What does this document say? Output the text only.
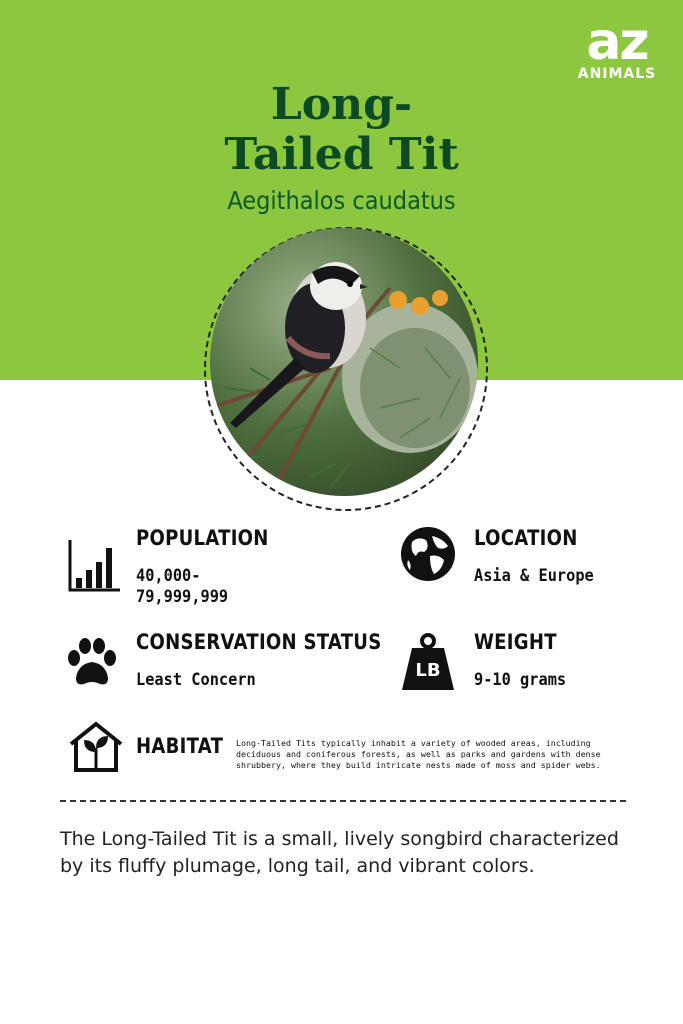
az
ANIMALS
Long-
Tailed Tit
Aegithalos caudatus
POPULATION
40,000-
79,999,999
LOCATION
Asia & Europe
CONSERVATION STATUS
Least Concern	LB
WEIGHT
9-10 grams
HABITAT Long-Tailed Tits typically inhabit a variety of wooded areas, including deciduous and coniferous forests, as well as parks and gardens with dense shrubbery, where they build intricate nests made of moss and spider webs.
The Long-Tailed Tit is a small, lively songbird characterized by its fluffy plumage, long tail, and vibrant colors.
